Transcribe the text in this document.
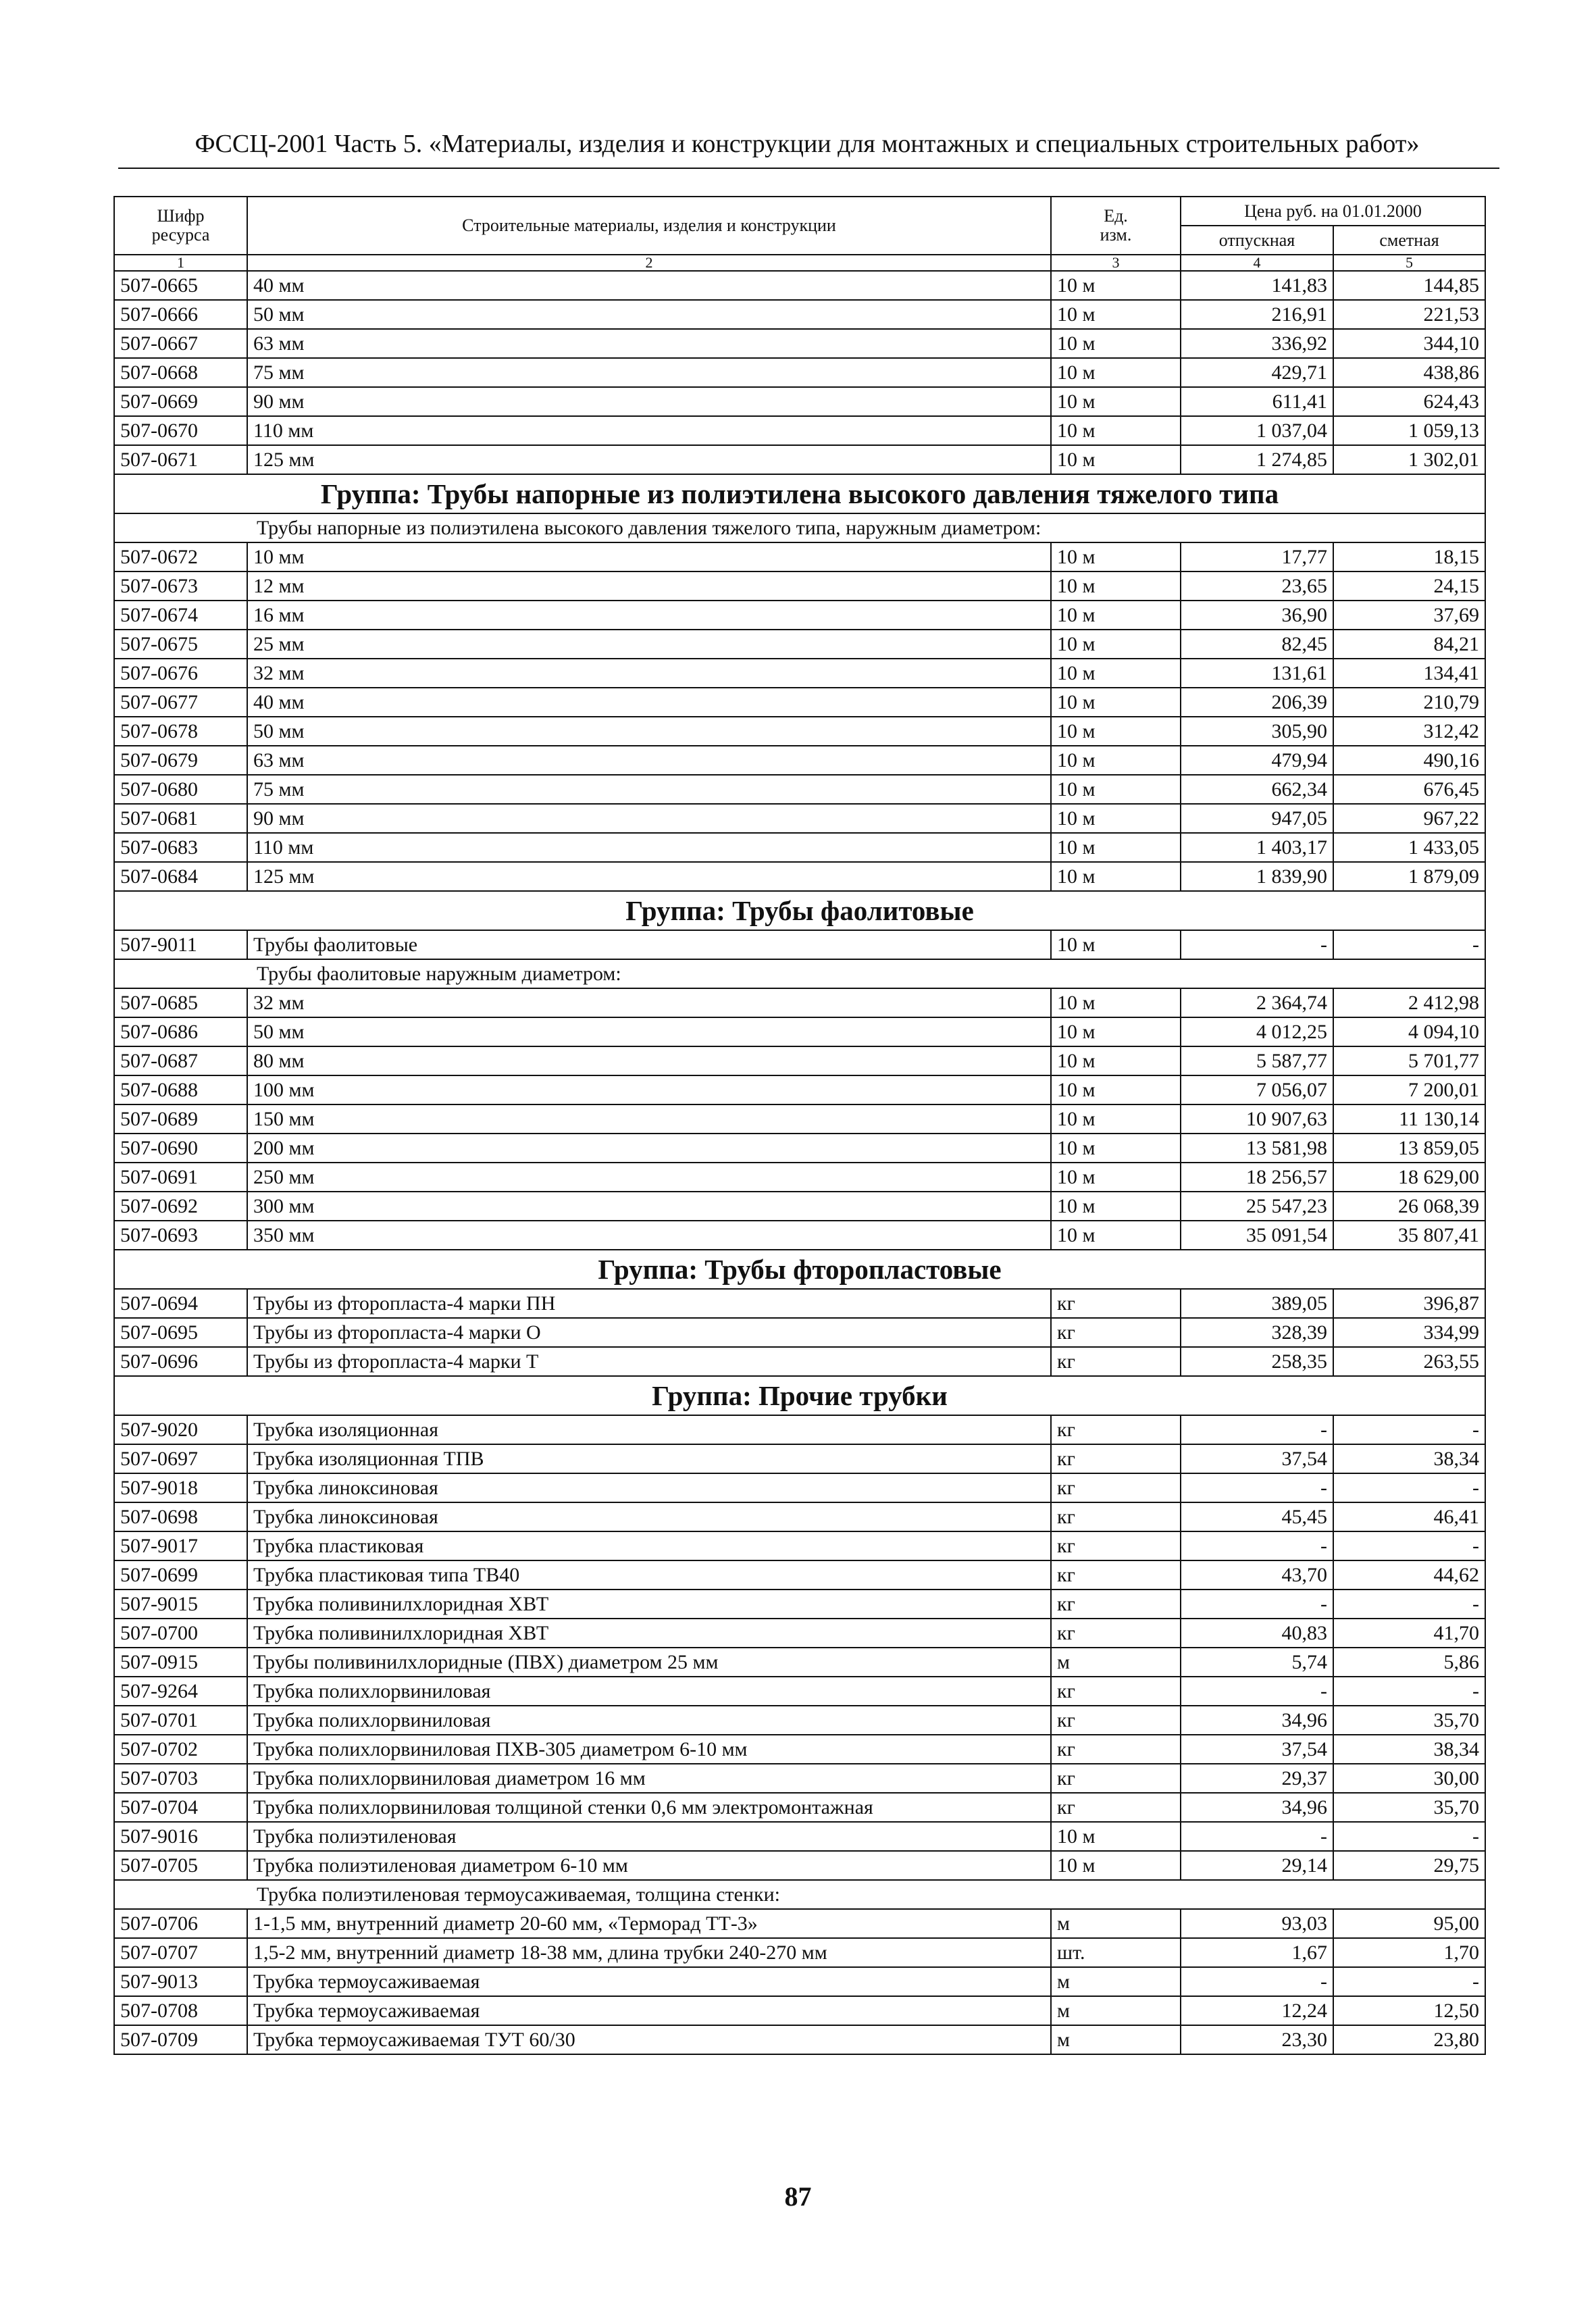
ФССЦ-2001 Часть 5. «Материалы, изделия и конструкции для монтажных и специальных строительных работ»
Шифр
ресурса	Строительные материалы, изделия и конструкции	Ед.
изм.	Цена руб. на 01.01.2000	
			отпускная	сметная
1	2	3	4	5
507-0665	40 мм	10 м	141,83	144,85
507-0666	50 мм	10 м	216,91	221,53
507-0667	63 мм	10 м	336,92	344,10
507-0668	75 мм	10 м	429,71	438,86
507-0669	90 мм	10 м	611,41	624,43
507-0670	110 мм	10 м	1 037,04	1 059,13
507-0671	125 мм	10 м	1 274,85	1 302,01
Группа: Трубы напорные из полиэтилена высокого давления тяжелого типа				
Трубы напорные из полиэтилена высокого давления тяжелого типа, наружным диаметром:				
507-0672	10 мм	10 м	17,77	18,15
507-0673	12 мм	10 м	23,65	24,15
507-0674	16 мм	10 м	36,90	37,69
507-0675	25 мм	10 м	82,45	84,21
507-0676	32 мм	10 м	131,61	134,41
507-0677	40 мм	10 м	206,39	210,79
507-0678	50 мм	10 м	305,90	312,42
507-0679	63 мм	10 м	479,94	490,16
507-0680	75 мм	10 м	662,34	676,45
507-0681	90 мм	10 м	947,05	967,22
507-0683	110 мм	10 м	1 403,17	1 433,05
507-0684	125 мм	10 м	1 839,90	1 879,09
Группа: Трубы фаолитовые				
507-9011	Трубы фаолитовые	10 м	-	-
Трубы фаолитовые наружным диаметром:				
507-0685	32 мм	10 м	2 364,74	2 412,98
507-0686	50 мм	10 м	4 012,25	4 094,10
507-0687	80 мм	10 м	5 587,77	5 701,77
507-0688	100 мм	10 м	7 056,07	7 200,01
507-0689	150 мм	10 м	10 907,63	11 130,14
507-0690	200 мм	10 м	13 581,98	13 859,05
507-0691	250 мм	10 м	18 256,57	18 629,00
507-0692	300 мм	10 м	25 547,23	26 068,39
507-0693	350 мм	10 м	35 091,54	35 807,41
Группа: Трубы фторопластовые				
507-0694	Трубы из фторопласта-4 марки ПН	кг	389,05	396,87
507-0695	Трубы из фторопласта-4 марки О	кг	328,39	334,99
507-0696	Трубы из фторопласта-4 марки Т	кг	258,35	263,55
Группа: Прочие трубки				
507-9020	Трубка изоляционная	кг	-	-
507-0697	Трубка изоляционная ТПВ	кг	37,54	38,34
507-9018	Трубка линоксиновая	кг	-	-
507-0698	Трубка линоксиновая	кг	45,45	46,41
507-9017	Трубка пластиковая	кг	-	-
507-0699	Трубка пластиковая типа ТВ40	кг	43,70	44,62
507-9015	Трубка поливинилхлоридная ХВТ	кг	-	-
507-0700	Трубка поливинилхлоридная ХВТ	кг	40,83	41,70
507-0915	Трубы поливинилхлоридные (ПВХ) диаметром 25 мм	м	5,74	5,86
507-9264	Трубка полихлорвиниловая	кг	-	-
507-0701	Трубка полихлорвиниловая	кг	34,96	35,70
507-0702	Трубка полихлорвиниловая ПХВ-305 диаметром 6-10 мм	кг	37,54	38,34
507-0703	Трубка полихлорвиниловая диаметром 16 мм	кг	29,37	30,00
507-0704	Трубка полихлорвиниловая толщиной стенки 0,6 мм электромонтажная	кг	34,96	35,70
507-9016	Трубка полиэтиленовая	10 м	-	-
507-0705	Трубка полиэтиленовая диаметром 6-10 мм	10 м	29,14	29,75
Трубка полиэтиленовая термоусаживаемая, толщина стенки:				
507-0706	1-1,5 мм, внутренний диаметр 20-60 мм, «Терморад ТТ-3»	м	93,03	95,00
507-0707	1,5-2 мм, внутренний диаметр 18-38 мм, длина трубки 240-270 мм	шт.	1,67	1,70
507-9013	Трубка термоусаживаемая	м	-	-
507-0708	Трубка термоусаживаемая	м	12,24	12,50
507-0709	Трубка термоусаживаемая ТУТ 60/30	м	23,30	23,80
87
